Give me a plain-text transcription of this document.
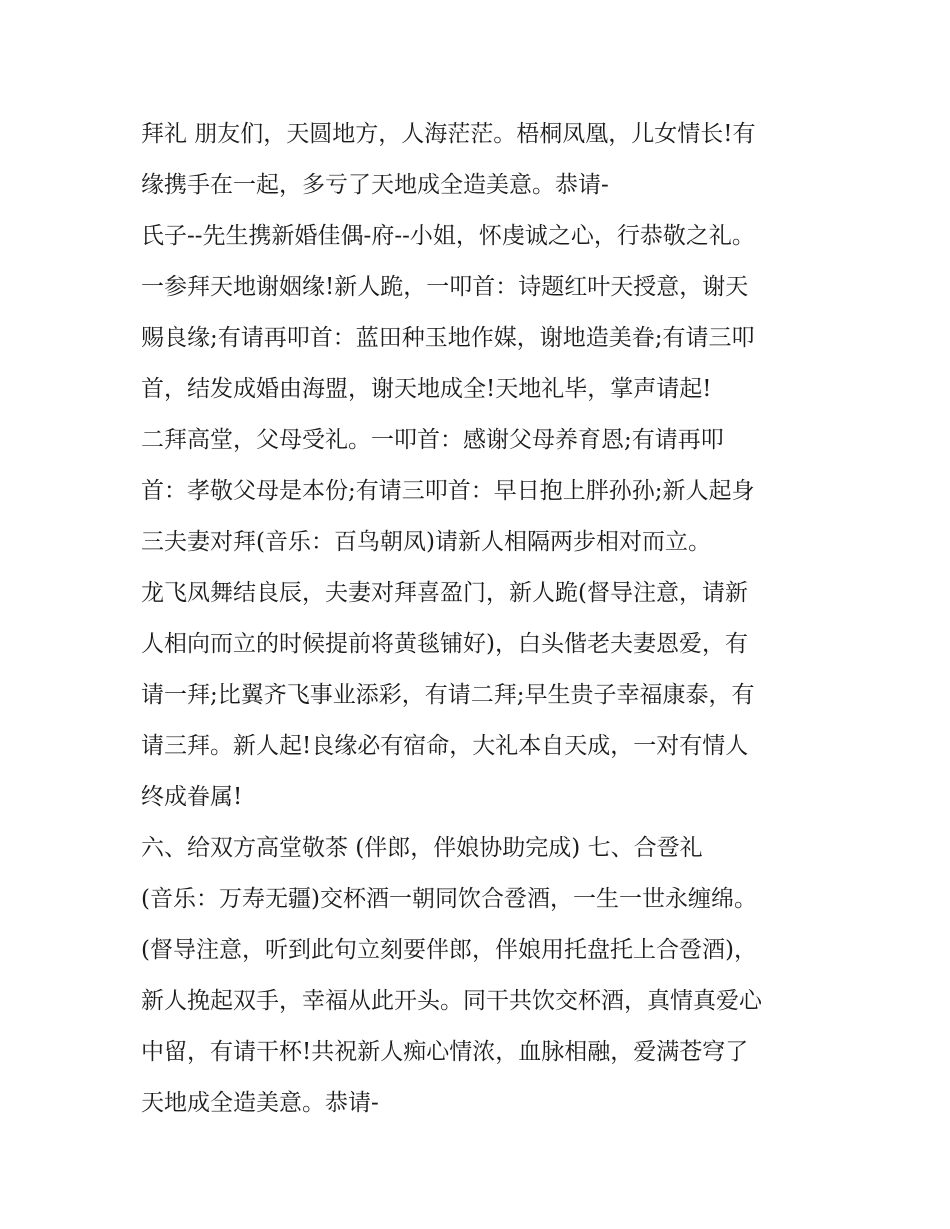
拜礼 朋友们，天圆地方，人海茫茫。梧桐凤凰，儿女情长!有
缘携手在一起，多亏了天地成全造美意。恭请-
氏子--先生携新婚佳偶-府--小姐，怀虔诚之心，行恭敬之礼。
一参拜天地谢姻缘!新人跪，一叩首：诗题红叶天授意，谢天
赐良缘;有请再叩首：蓝田种玉地作媒，谢地造美眷;有请三叩
首，结发成婚由海盟，谢天地成全!天地礼毕，掌声请起!
二拜高堂，父母受礼。一叩首：感谢父母养育恩;有请再叩
首：孝敬父母是本份;有请三叩首：早日抱上胖孙孙;新人起身
三夫妻对拜(音乐：百鸟朝凤)请新人相隔两步相对而立。
龙飞凤舞结良辰，夫妻对拜喜盈门，新人跪(督导注意，请新
人相向而立的时候提前将黄毯铺好)，白头偕老夫妻恩爱，有
请一拜;比翼齐飞事业添彩，有请二拜;早生贵子幸福康泰，有
请三拜。新人起!良缘必有宿命，大礼本自天成，一对有情人
终成眷属!
六、给双方高堂敬茶 (伴郎，伴娘协助完成) 七、合卺礼
(音乐：万寿无疆)交杯酒一朝同饮合卺酒，一生一世永缠绵。
(督导注意，听到此句立刻要伴郎，伴娘用托盘托上合卺酒)，
新人挽起双手，幸福从此开头。同干共饮交杯酒，真情真爱心
中留，有请干杯!共祝新人痴心情浓，血脉相融，爱满苍穹了
天地成全造美意。恭请-
